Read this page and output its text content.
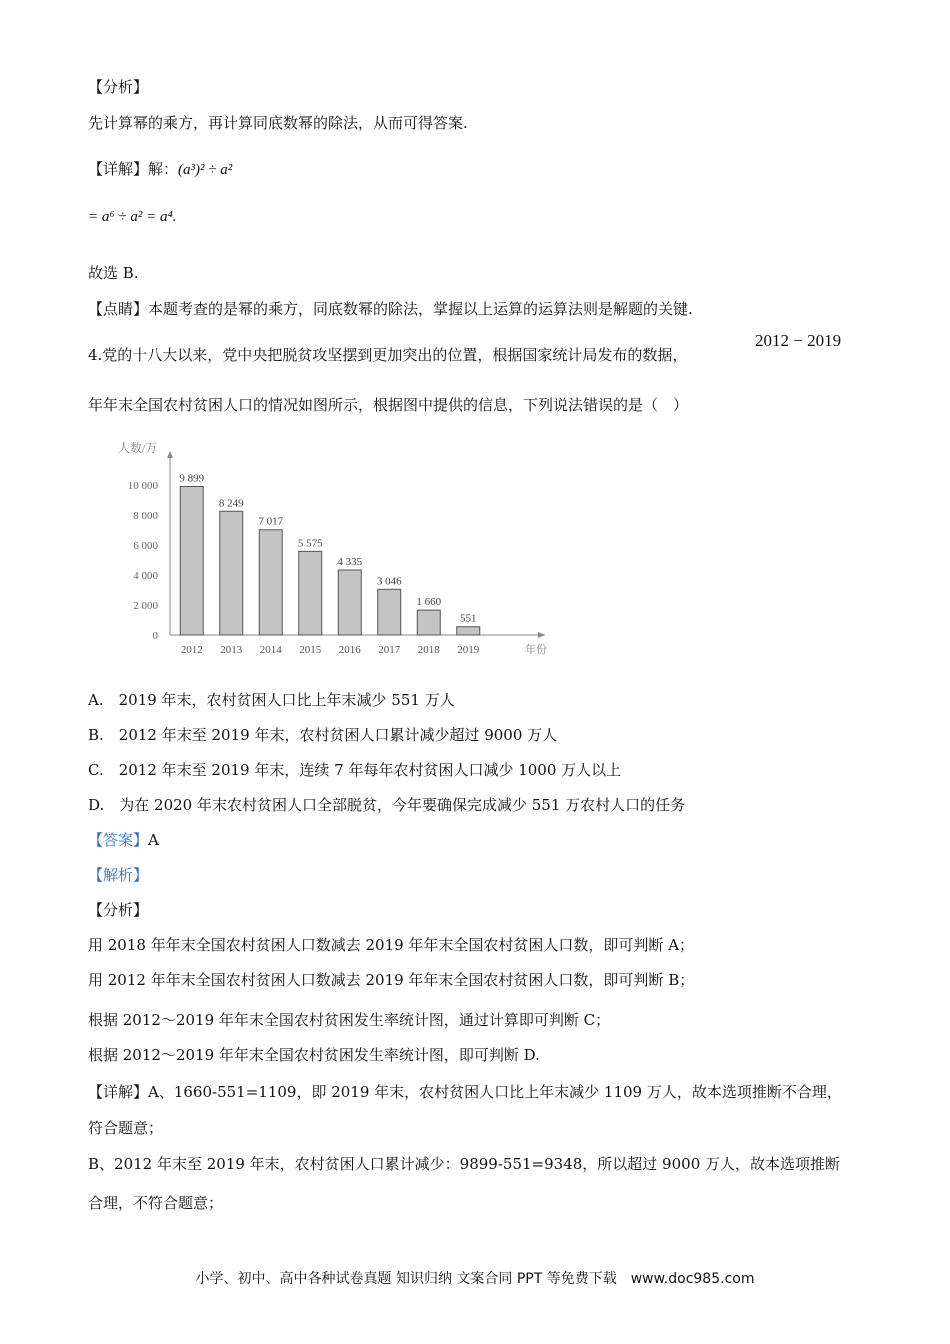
【分析】
先计算幂的乘方，再计算同底数幂的除法，从而可得答案.
【详解】解：(a³)² ÷ a²
= a⁶ ÷ a² = a⁴.
故选 B.
【点睛】本题考查的是幂的乘方，同底数幂的除法，掌握以上运算的运算法则是解题的关键.
4.党的十八大以来，党中央把脱贫攻坚摆到更加突出的位置，根据国家统计局发布的数据，
2012 − 2019
年年末全国农村贫困人口的情况如图所示，根据图中提供的信息，下列说法错误的是（　）
人数/万
年份
0
2 000
4 000
6 000
8 000
10 000
9 899
2012
8 249
2013
7 017
2014
5 575
2015
4 335
2016
3 046
2017
1 660
2018
551
2019
A.　2019 年末，农村贫困人口比上年末减少 551 万人
B.　2012 年末至 2019 年末，农村贫困人口累计减少超过 9000 万人
C.　2012 年末至 2019 年末，连续 7 年每年农村贫困人口减少 1000 万人以上
D.　为在 2020 年末农村贫困人口全部脱贫，今年要确保完成减少 551 万农村人口的任务
【答案】A
【解析】
【分析】
用 2018 年年末全国农村贫困人口数减去 2019 年年末全国农村贫困人口数，即可判断 A；
用 2012 年年末全国农村贫困人口数减去 2019 年年末全国农村贫困人口数，即可判断 B；
根据 2012～2019 年年末全国农村贫困发生率统计图，通过计算即可判断 C；
根据 2012～2019 年年末全国农村贫困发生率统计图，即可判断 D.
【详解】A、1660-551=1109，即 2019 年末，农村贫困人口比上年末减少 1109 万人，故本选项推断不合理，
符合题意；
B、2012 年末至 2019 年末，农村贫困人口累计减少：9899-551=9348，所以超过 9000 万人，故本选项推断
合理，不符合题意；
小学、初中、高中各种试卷真题 知识归纳 文案合同 PPT 等免费下载　www.doc985.com
